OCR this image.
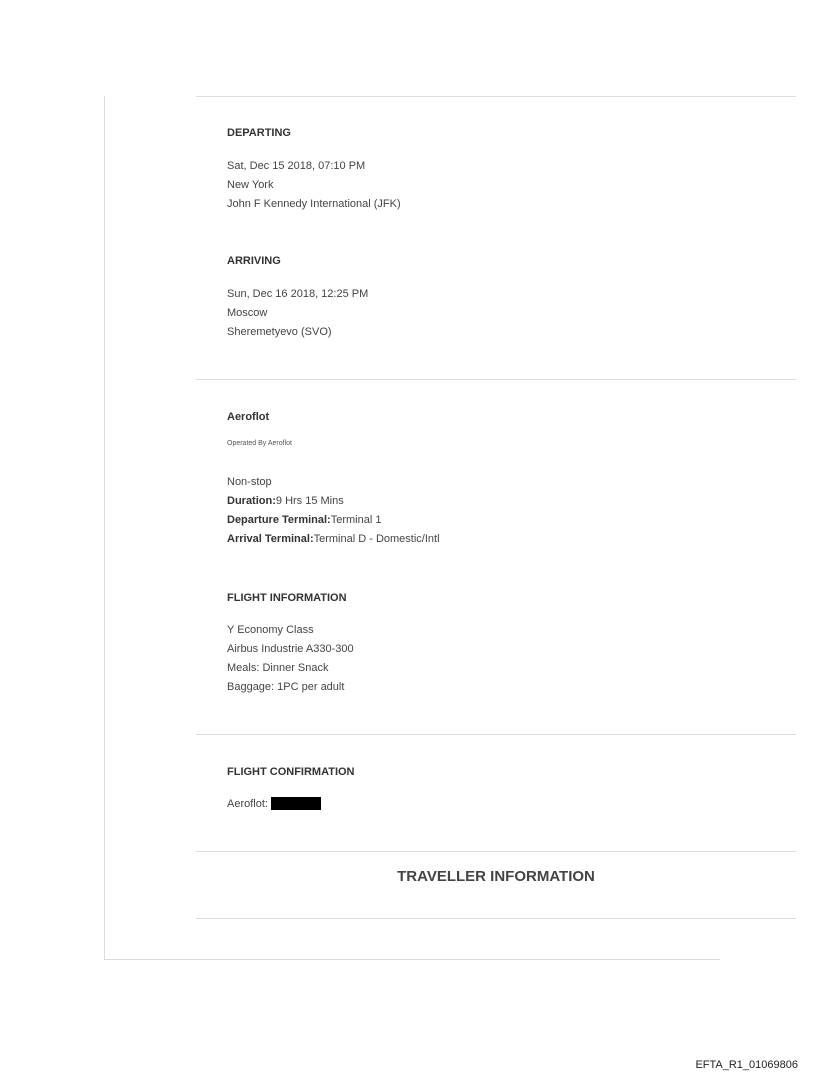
DEPARTING
Sat, Dec 15 2018, 07:10 PM
New York
John F Kennedy International (JFK)
ARRIVING
Sun, Dec 16 2018, 12:25 PM
Moscow
Sheremetyevo (SVO)
Aeroflot
Operated By Aeroflot
Non-stop
Duration:9 Hrs 15 Mins
Departure Terminal:Terminal 1
Arrival Terminal:Terminal D - Domestic/Intl
FLIGHT INFORMATION
Y Economy Class
Airbus Industrie A330-300
Meals: Dinner Snack
Baggage: 1PC per adult
FLIGHT CONFIRMATION
Aeroflot:
TRAVELLER INFORMATION
EFTA_R1_01069806
